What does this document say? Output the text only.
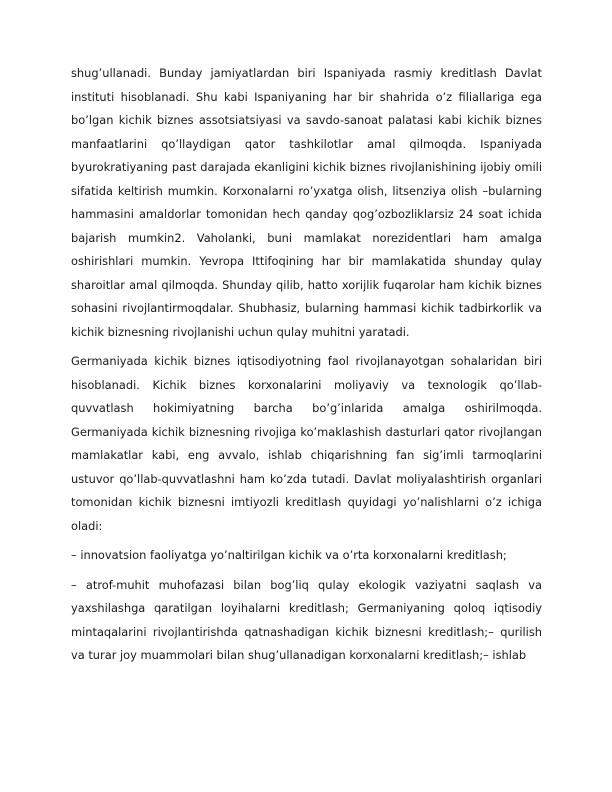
shug’ullanadi. Bunday jamiyatlardan biri Ispaniyada rasmiy kreditlash Davlat instituti hisoblanadi. Shu kabi Ispaniyaning har bir shahrida o’z filiallariga ega bo’lgan kichik biznes assotsiatsiyasi va savdo-sanoat palatasi kabi kichik biznes manfaatlarini qo’llaydigan qator tashkilotlar amal qilmoqda. Ispaniyada byurokratiyaning past darajada ekanligini kichik biznes rivojlanishining ijobiy omili sifatida keltirish mumkin. Korxonalarni ro’yxatga olish, litsenziya olish –bularning hammasini amaldorlar tomonidan hech qanday qog’ozbozliklarsiz 24 soat ichida bajarish mumkin2. Vaholanki, buni mamlakat norezidentlari ham amalga oshirishlari mumkin. Yevropa Ittifoqining har bir mamlakatida shunday qulay sharoitlar amal qilmoqda. Shunday qilib, hatto xorijlik fuqarolar ham kichik biznes sohasini rivojlantirmoqdalar. Shubhasiz, bularning hammasi kichik tadbirkorlik va kichik biznesning rivojlanishi uchun qulay muhitni yaratadi.

Germaniyada kichik biznes iqtisodiyotning faol rivojlanayotgan sohalaridan biri hisoblanadi. Kichik biznes korxonalarini moliyaviy va texnologik qo’llab-quvvatlash hokimiyatning barcha bo’g’inlarida amalga oshirilmoqda. Germaniyada kichik biznesning rivojiga ko’maklashish dasturlari qator rivojlangan mamlakatlar kabi, eng avvalo, ishlab chiqarishning fan sig’imli tarmoqlarini ustuvor qo’llab-quvvatlashni ham ko’zda tutadi. Davlat moliyalashtirish organlari tomonidan kichik biznesni imtiyozli kreditlash quyidagi yo’nalishlarni o’z ichiga oladi:

– innovatsion faoliyatga yo’naltirilgan kichik va o’rta korxonalarni kreditlash;

– atrof-muhit muhofazasi bilan bog’liq qulay ekologik vaziyatni saqlash va yaxshilashga qaratilgan loyihalarni kreditlash; Germaniyaning qoloq iqtisodiy mintaqalarini rivojlantirishda qatnashadigan kichik biznesni kreditlash;– qurilish va turar joy muammolari bilan shug’ullanadigan korxonalarni kreditlash;– ishlab
